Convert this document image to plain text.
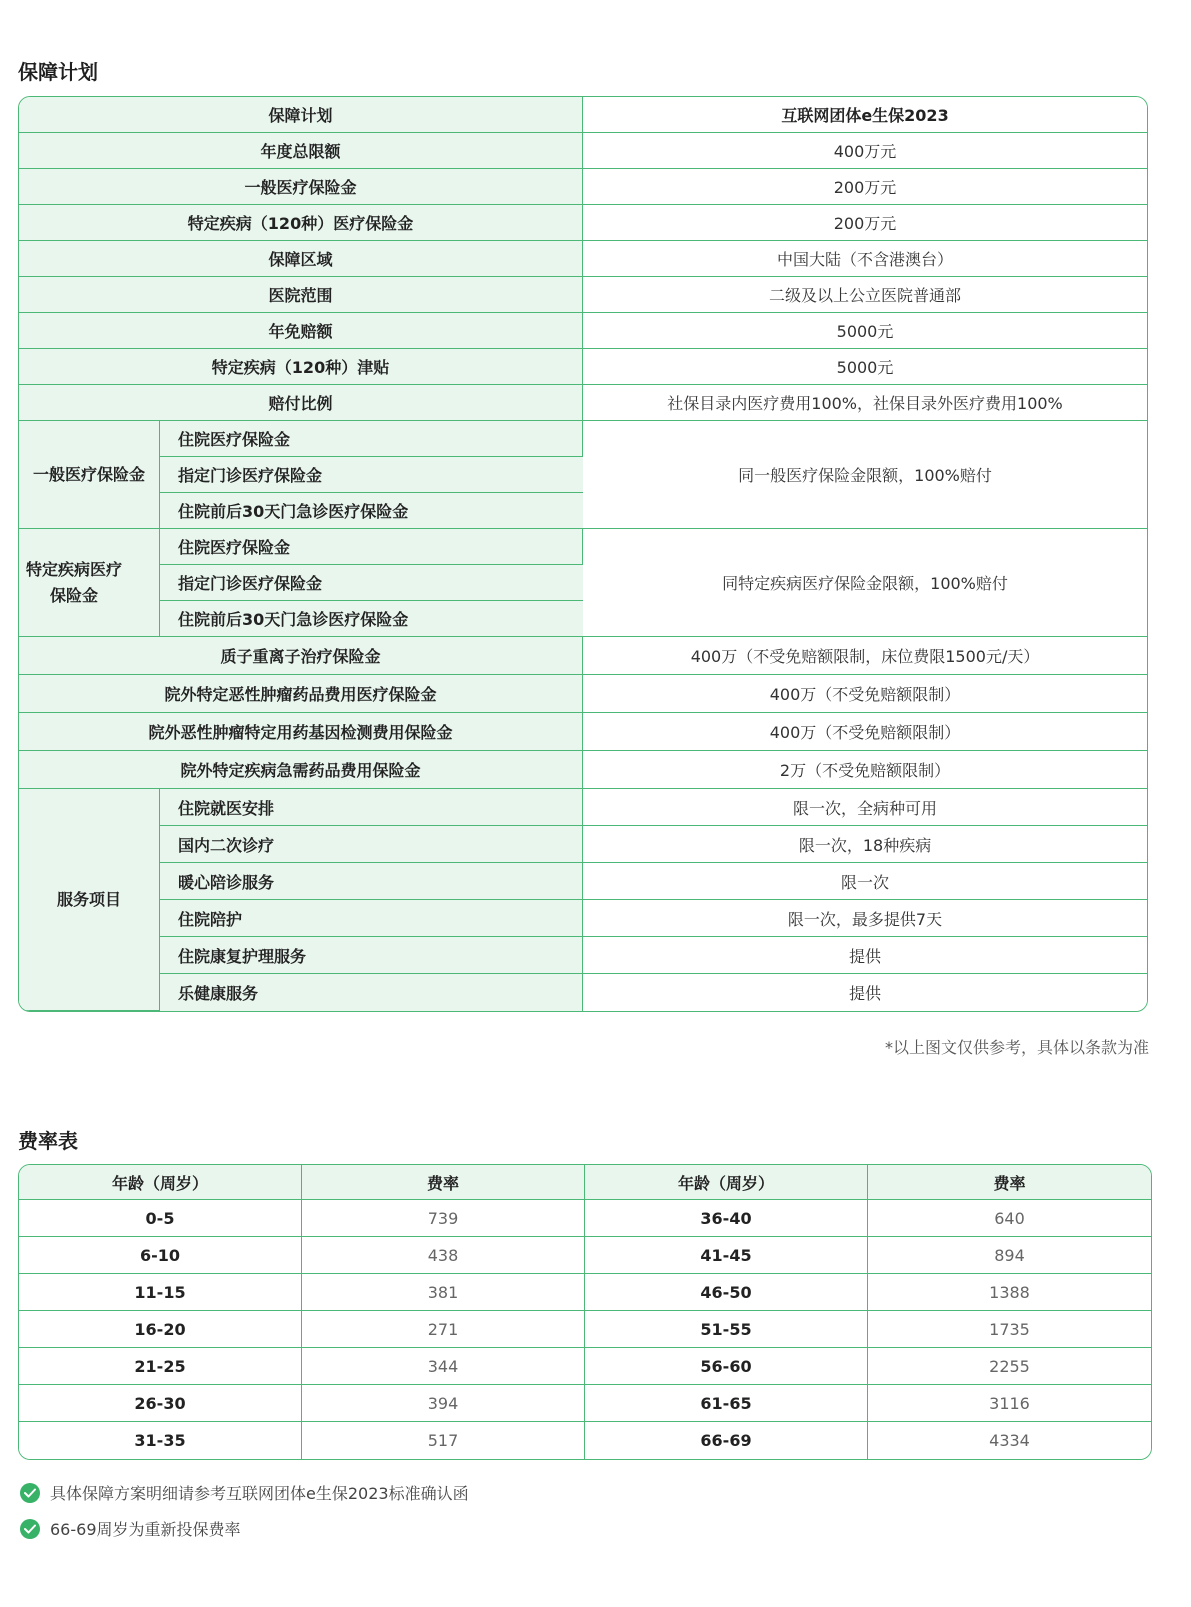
保障计划
保障计划		互联网团体e生保2023
年度总限额		400万元
一般医疗保险金		200万元
特定疾病（120种）医疗保险金		200万元
保障区域		中国大陆（不含港澳台）
医院范围		二级及以上公立医院普通部
年免赔额		5000元
特定疾病（120种）津贴		5000元
赔付比例		社保目录内医疗费用100%，社保目录外医疗费用100%
一般医疗保险金	住院医疗保险金	同一般医疗保险金限额，100%赔付
	指定门诊医疗保险金	
	住院前后30天门急诊医疗保险金	

特定疾病医疗保险金	住院医疗保险金	同特定疾病医疗保险金限额，100%赔付
	指定门诊医疗保险金	
	住院前后30天门急诊医疗保险金	
质子重离子治疗保险金		400万（不受免赔额限制，床位费限1500元/天）
院外特定恶性肿瘤药品费用医疗保险金		400万（不受免赔额限制）
院外恶性肿瘤特定用药基因检测费用保险金		400万（不受免赔额限制）
院外特定疾病急需药品费用保险金		2万（不受免赔额限制）
服务项目	住院就医安排	限一次，全病种可用
	国内二次诊疗	限一次，18种疾病
	暖心陪诊服务	限一次
	住院陪护	限一次，最多提供7天
	住院康复护理服务	提供
	乐健康服务	提供
*以上图文仅供参考，具体以条款为准
费率表
年龄（周岁）	费率	年龄（周岁）	费率
0-5	739	36-40	640
6-10	438	41-45	894
11-15	381	46-50	1388
16-20	271	51-55	1735
21-25	344	56-60	2255
26-30	394	61-65	3116
31-35	517	66-69	4334
具体保障方案明细请参考互联网团体e生保2023标准确认函
66-69周岁为重新投保费率
